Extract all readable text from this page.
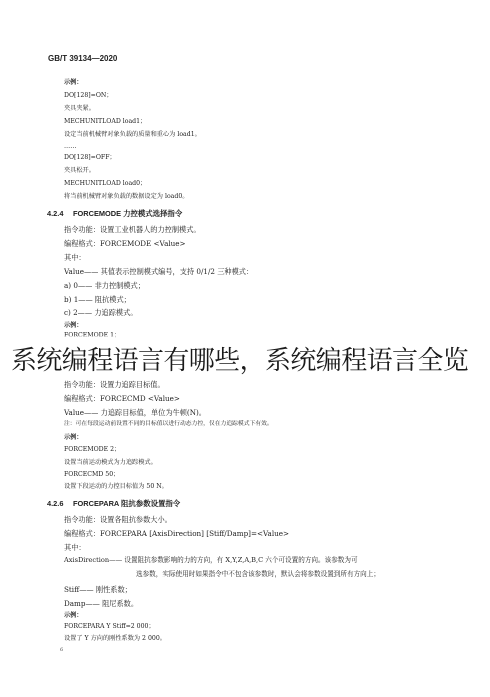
GB/T 39134—2020
示例：
DO[128]=ON；
夹具夹紧。
MECHUNITLOAD load1；
设定当前机械臂对象负载的质量和重心为 load1。
……
DO[128]=OFF；
夹具松开。
MECHUNITLOAD load0；
将当前机械臂对象负载的数据设定为 load0。
4.2.4 FORCEMODE 力控模式选择指令
指令功能：设置工业机器人的力控制模式。
编程格式：FORCEMODE <Value>
其中：
Value—— 其值表示控制模式编号，支持 0/1/2 三种模式：
a) 0—— 非力控制模式；
b) 1—— 阻抗模式；
c) 2—— 力追踪模式。
示例：
系统编程语言有哪些，系统编程语言全览
指令功能：设置力追踪目标值。
编程格式：FORCECMD <Value>
Value—— 力追踪目标值，单位为牛顿(N)。
注：可在每段运动前设置不同的目标值以进行动态力控，仅在力追踪模式下有效。
示例：
FORCEMODE 2；
设置当前运动模式为力追踪模式。
FORCECMD 50；
设置下段运动的力控目标值为 50 N。
4.2.6 FORCEPARA 阻抗参数设置指令
指令功能：设置各阻抗参数大小。
编程格式：FORCEPARA [AxisDirection] [Stiff/Damp]=<Value>
其中：
AxisDirection—— 设置阻抗参数影响的力的方向，有 X,Y,Z,A,B,C 六个可设置的方向。该参数为可
选参数，实际使用时如果指令中不包含该参数时，默认会将参数设置到所有方向上；
Stiff—— 刚性系数；
Damp—— 阻尼系数。
示例：
FORCEPARA Y Stiff=2 000；
设置了 Y 方向的刚性系数为 2 000。
6
